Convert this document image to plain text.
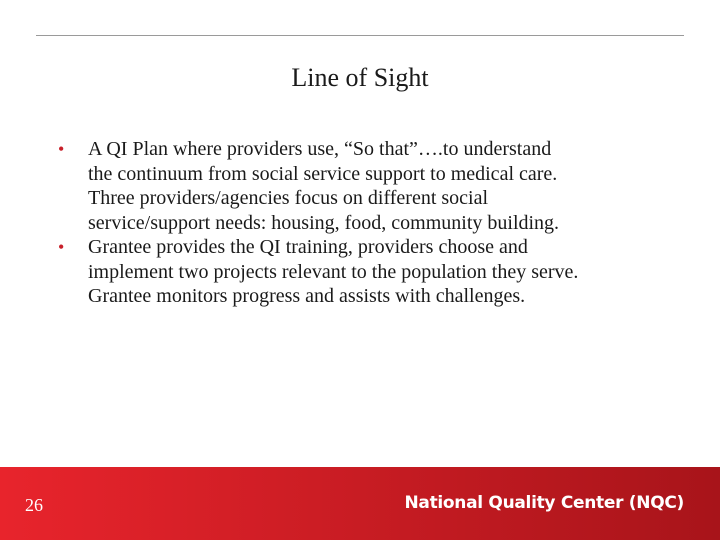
Line of Sight
• A QI Plan where providers use, “So that”….to understand
the continuum from social service support to medical care.
Three providers/agencies focus on different social
service/support needs: housing, food, community building.
• Grantee provides the QI training, providers choose and
implement two projects relevant to the population they serve.
Grantee monitors progress and assists with challenges.
26	National Quality Center (NQC)
